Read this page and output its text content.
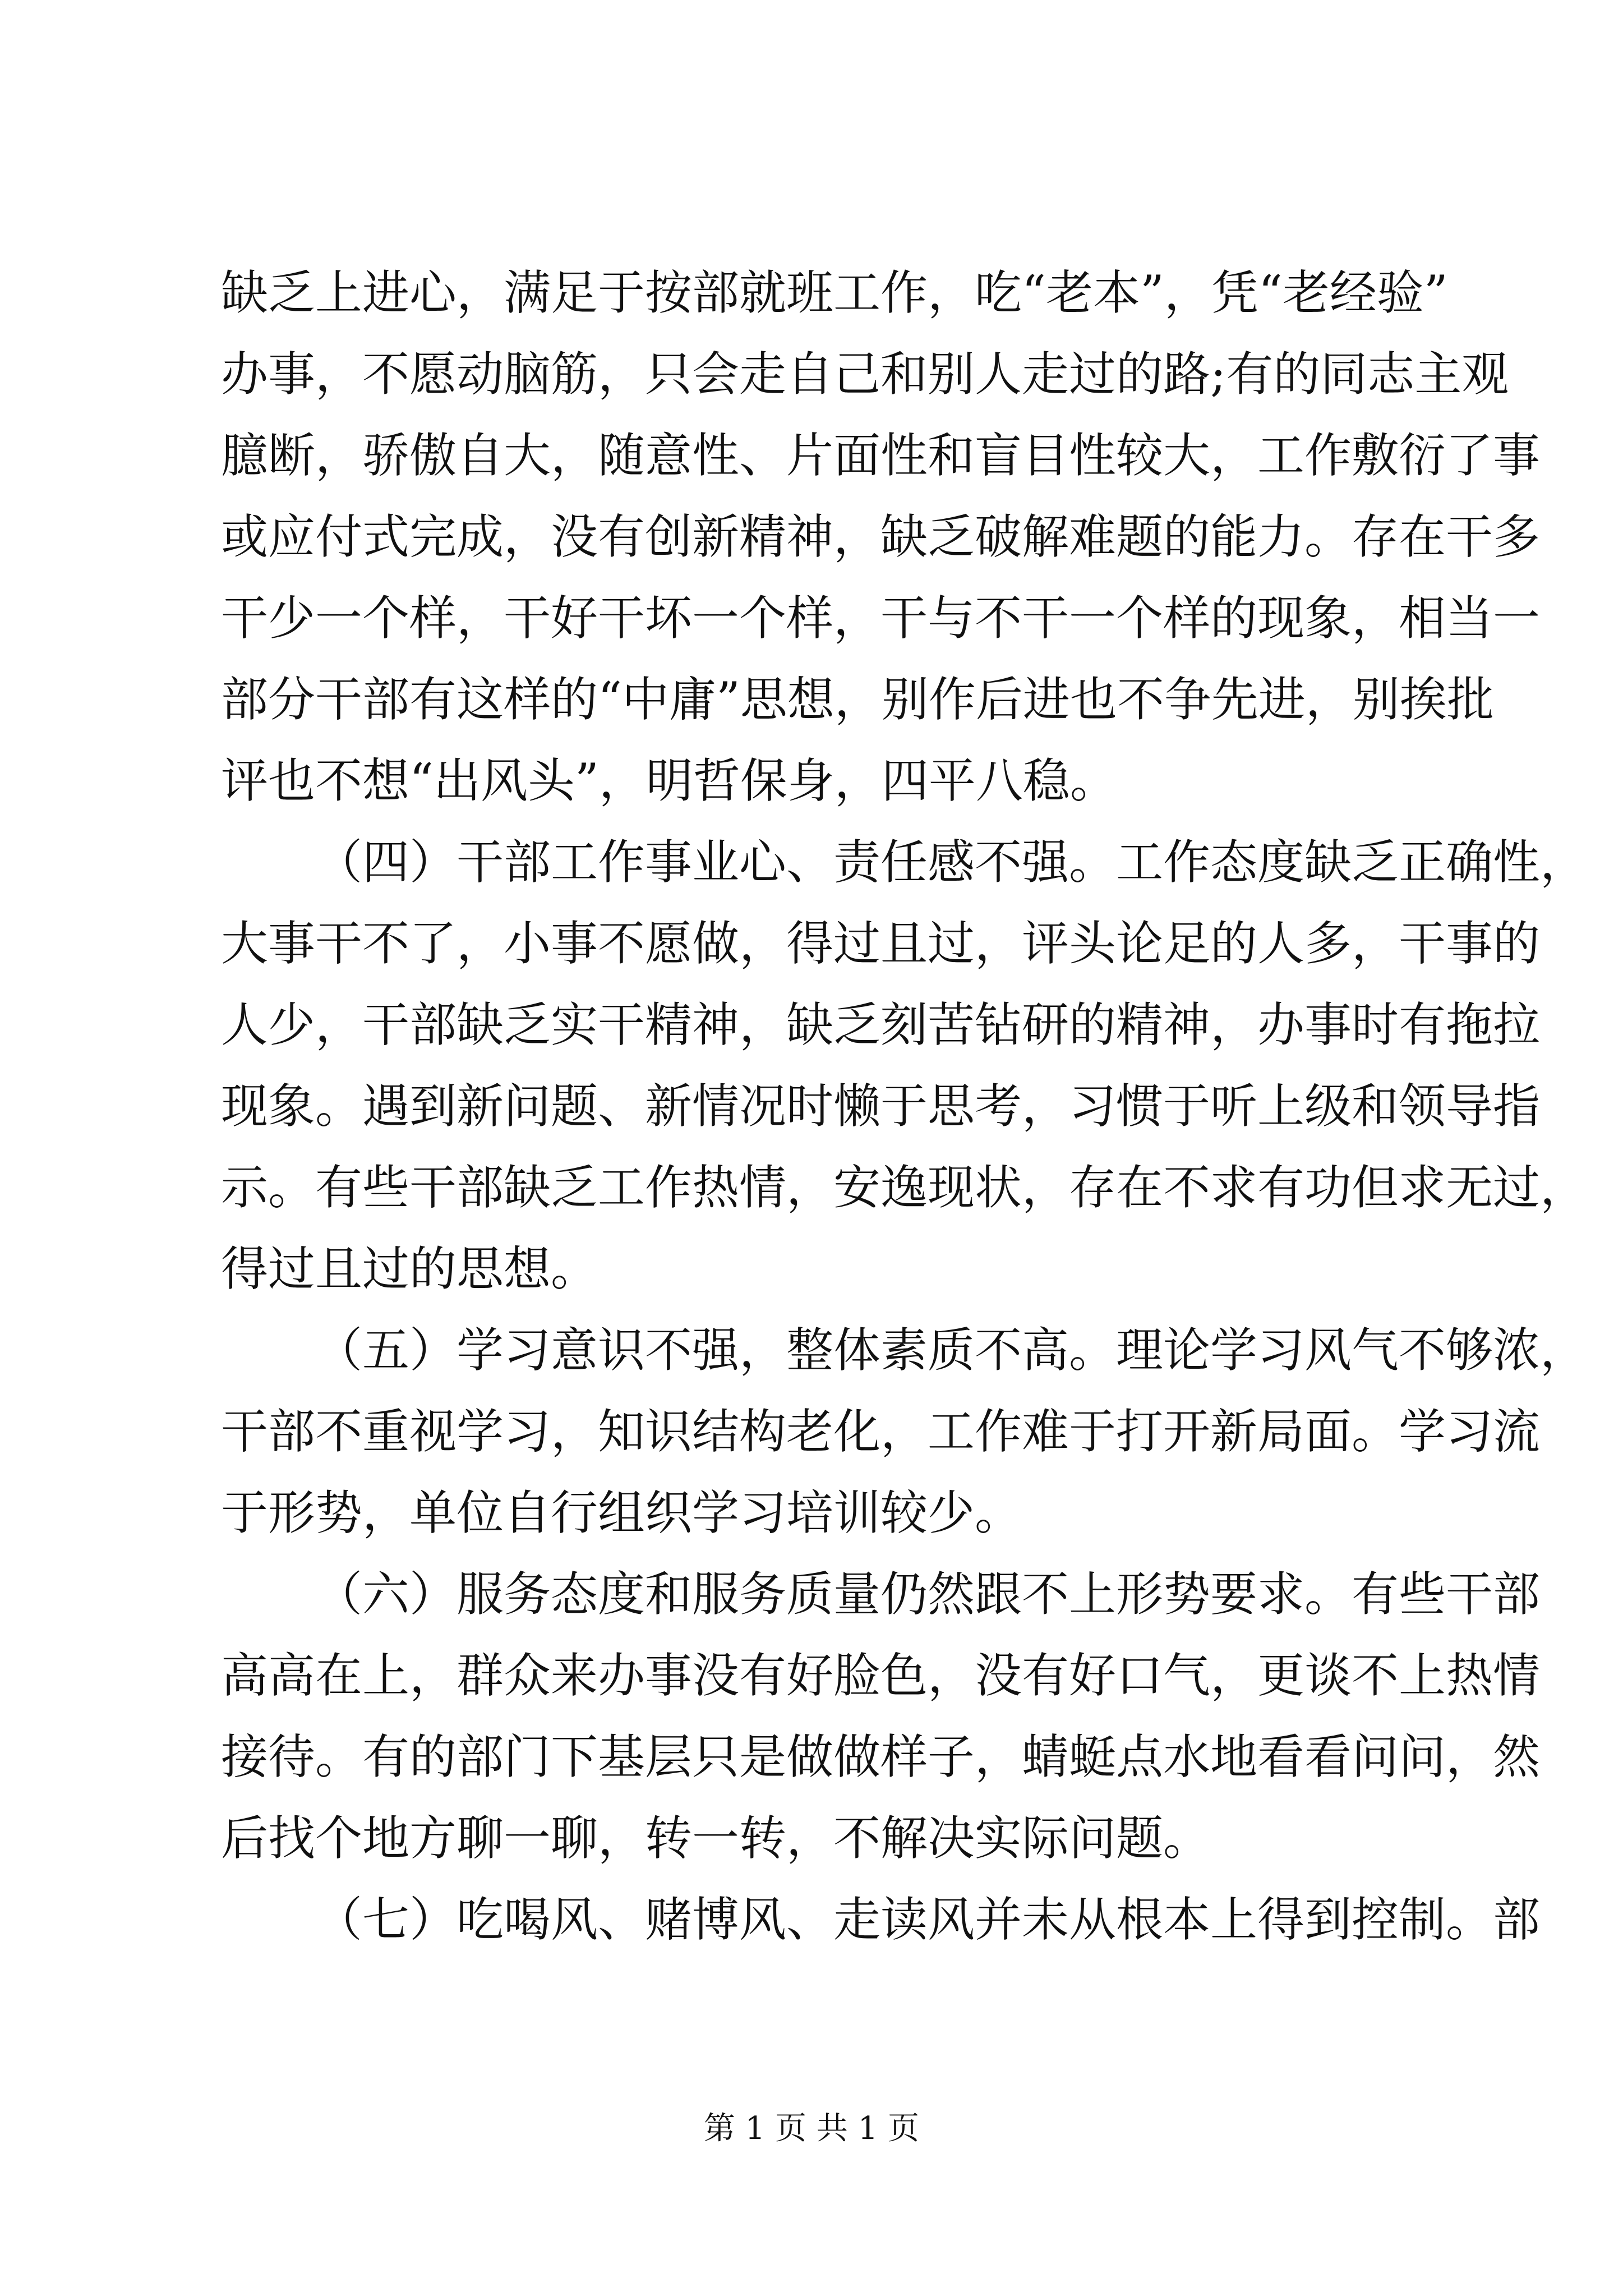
缺乏上进心，满足于按部就班工作，吃“老本”，凭“老经验”
办事，不愿动脑筋，只会走自己和别人走过的路;有的同志主观
臆断，骄傲自大，随意性、片面性和盲目性较大，工作敷衍了事
或应付式完成，没有创新精神，缺乏破解难题的能力。存在干多
干少一个样，干好干坏一个样，干与不干一个样的现象，相当一
部分干部有这样的“中庸”思想，别作后进也不争先进，别挨批
评也不想“出风头”，明哲保身，四平八稳。
（四）干部工作事业心、责任感不强。工作态度缺乏正确性，
大事干不了，小事不愿做，得过且过，评头论足的人多，干事的
人少，干部缺乏实干精神，缺乏刻苦钻研的精神，办事时有拖拉
现象。遇到新问题、新情况时懒于思考，习惯于听上级和领导指
示。有些干部缺乏工作热情，安逸现状，存在不求有功但求无过，
得过且过的思想。
（五）学习意识不强，整体素质不高。理论学习风气不够浓，
干部不重视学习，知识结构老化，工作难于打开新局面。学习流
于形势，单位自行组织学习培训较少。
（六）服务态度和服务质量仍然跟不上形势要求。有些干部
高高在上，群众来办事没有好脸色，没有好口气，更谈不上热情
接待。有的部门下基层只是做做样子，蜻蜓点水地看看问问，然
后找个地方聊一聊，转一转，不解决实际问题。
（七）吃喝风、赌博风、走读风并未从根本上得到控制。部
第 1 页 共 1 页
